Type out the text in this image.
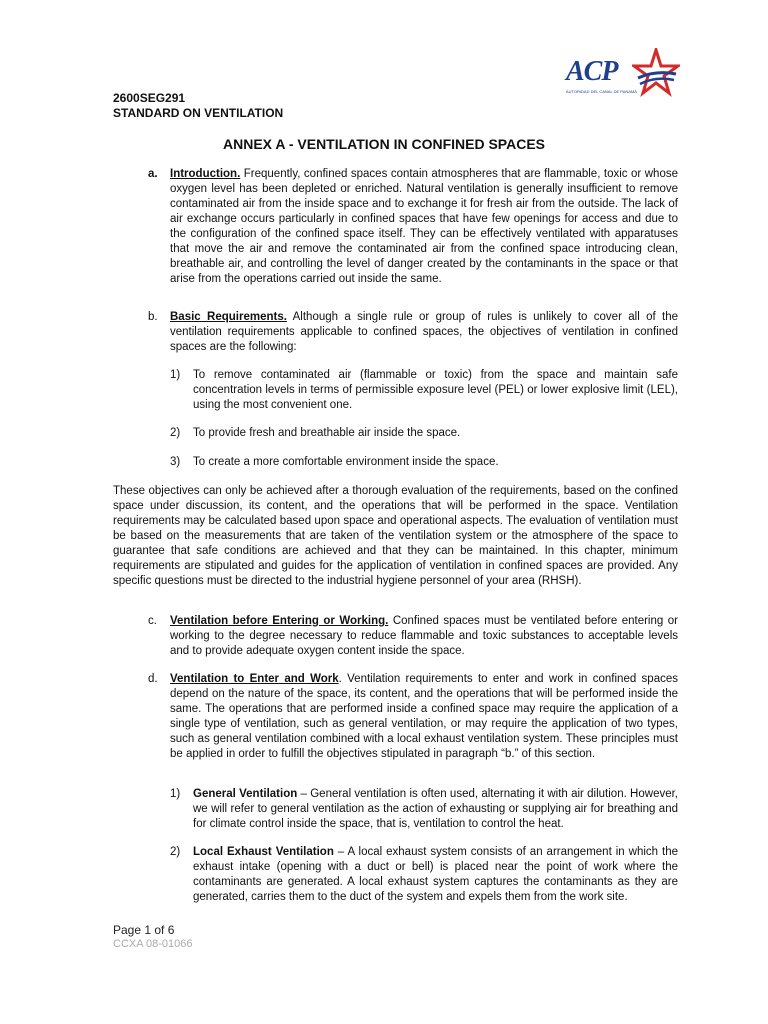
ACP
AUTORIDAD DEL CANAL DE PANAMÁ
2600SEG291
STANDARD ON VENTILATION
ANNEX A - VENTILATION IN CONFINED SPACES
a. Introduction. Frequently, confined spaces contain atmospheres that are flammable, toxic or whose oxygen level has been depleted or enriched. Natural ventilation is generally insufficient to remove contaminated air from the inside space and to exchange it for fresh air from the outside. The lack of air exchange occurs particularly in confined spaces that have few openings for access and due to the configuration of the confined space itself. They can be effectively ventilated with apparatuses that move the air and remove the contaminated air from the confined space introducing clean, breathable air, and controlling the level of danger created by the contaminants in the space or that arise from the operations carried out inside the same.
b. Basic Requirements. Although a single rule or group of rules is unlikely to cover all of the ventilation requirements applicable to confined spaces, the objectives of ventilation in confined spaces are the following:
1) To remove contaminated air (flammable or toxic) from the space and maintain safe concentration levels in terms of permissible exposure level (PEL) or lower explosive limit (LEL), using the most convenient one.
2) To provide fresh and breathable air inside the space.
3) To create a more comfortable environment inside the space.
These objectives can only be achieved after a thorough evaluation of the requirements, based on the confined space under discussion, its content, and the operations that will be performed in the space. Ventilation requirements may be calculated based upon space and operational aspects. The evaluation of ventilation must be based on the measurements that are taken of the ventilation system or the atmosphere of the space to guarantee that safe conditions are achieved and that they can be maintained. In this chapter, minimum requirements are stipulated and guides for the application of ventilation in confined spaces are provided. Any specific questions must be directed to the industrial hygiene personnel of your area (RHSH).
c. Ventilation before Entering or Working. Confined spaces must be ventilated before entering or working to the degree necessary to reduce flammable and toxic substances to acceptable levels and to provide adequate oxygen content inside the space.
d. Ventilation to Enter and Work. Ventilation requirements to enter and work in confined spaces depend on the nature of the space, its content, and the operations that will be performed inside the same. The operations that are performed inside a confined space may require the application of a single type of ventilation, such as general ventilation, or may require the application of two types, such as general ventilation combined with a local exhaust ventilation system. These principles must be applied in order to fulfill the objectives stipulated in paragraph “b.” of this section.
1) General Ventilation – General ventilation is often used, alternating it with air dilution. However, we will refer to general ventilation as the action of exhausting or supplying air for breathing and for climate control inside the space, that is, ventilation to control the heat.
2) Local Exhaust Ventilation – A local exhaust system consists of an arrangement in which the exhaust intake (opening with a duct or bell) is placed near the point of work where the contaminants are generated. A local exhaust system captures the contaminants as they are generated, carries them to the duct of the system and expels them from the work site.
Page 1 of 6
CCXA 08-01066
